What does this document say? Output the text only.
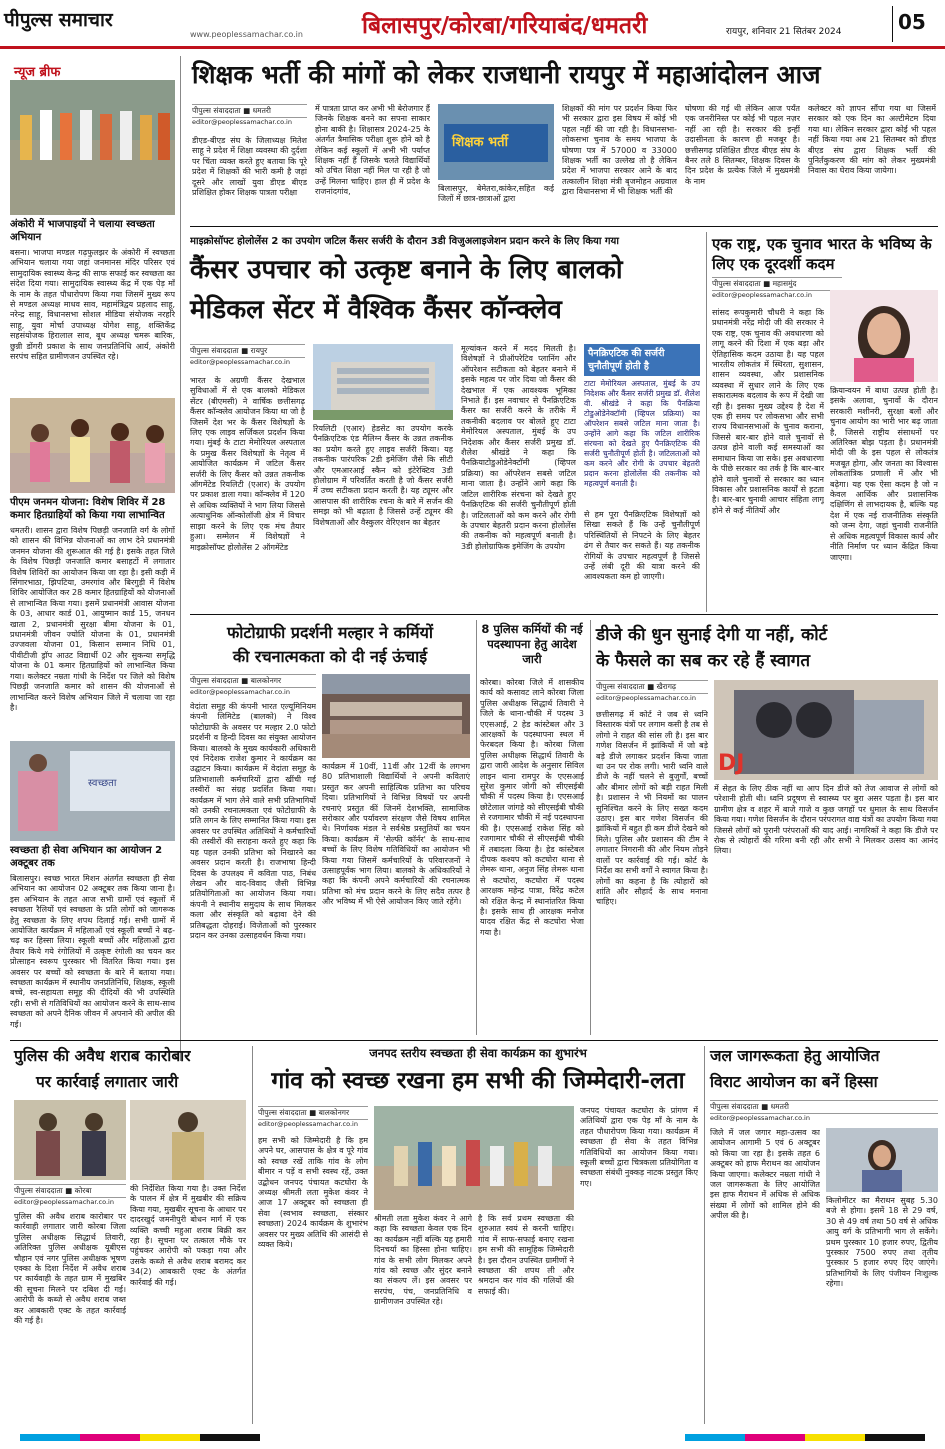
पीपुल्स समाचार
www.peoplessamachar.co.in	बिलासपुर/कोरबा/गरियाबंद/धमतरी	रायपुर, शनिवार 21 सितंबर 2024	05
न्यूज ब्रीफ
अंकोरी में भाजपाइयों ने चलाया स्वच्छता अभियान
बसना। भाजपा मण्डल गढ़फुलझर के अंकोरी में स्वच्छता अभियान चलाया गया जहां जनमानस मंदिर परिसर एवं सामुदायिक स्वास्थ्य केन्द्र की साफ सफाई कर स्वच्छता का संदेश दिया गया। सामुदायिक स्वास्थ्य केंद्र में एक पेड़ माँ के नाम के तहत पौधारोपण किया गया जिसमें मुख्य रूप से मण्डल अध्यक्ष माधव साव, महामंत्रिद्वय प्रहलाद साहू, नरेन्द्र साहू, विधानसभा सोशल मीडिया संयोजक नरहरि साहू, युवा मोर्चा उपाध्यक्ष योगेश साहू, शक्तिकेंद्र सहसंयोजक हिरालाल साव, बूथ अध्यक्ष चमरू बारिक, छुन्नी डोंगरी प्रकाश के साथ जनप्रतिनिधि आर्य, अंकोरी सरपंच सहित ग्रामीणजन उपस्थित रहे।
पीएम जनमन योजना: विशेष शिविर में 28 कमार हितग्राहियों को किया गया लाभान्वित
धमतरी। शासन द्वारा विशेष पिछड़ी जनजाति वर्ग के लोगों को शासन की विभिन्न योजनाओं का लाभ देने प्रधानमंत्री जनमन योजना की शुरूआत की गई है। इसके तहत जिले के विशेष पिछड़ी जनजाति कमार बसाहटों में लगातार विशेष शिविरों का आयोजन किया जा रहा है। इसी कड़ी में सिंगारभाठा, झिपटिया, उमरगांव और बिरगुड़ी में विशेष शिविर आयोजित कर 28 कमार हितग्राहियों को योजनाओं से लाभान्वित किया गया। इसमें प्रधानमंत्री आवास योजना के 03, आधार कार्ड 01, आयुष्मान कार्ड 15, जनधन खाता 2, प्रधानमंत्री सुरक्षा बीमा योजना के 01, प्रधानमंत्री जीवन ज्योति योजना के 01, प्रधानमंत्री उज्जवला योजना 01, किसान सम्मान निधि 01, पीवीटीजी ड्रॉप आउट विद्यार्थी 02 और सुकन्या समृद्धि योजना के 01 कमार हितग्राहियों को लाभान्वित किया गया। कलेक्टर नम्रता गांधी के निर्देश पर जिले को विशेष पिछड़ी जनजाति कमार को शासन की योजनाओं से लाभान्वित करने विशेष अभियान जिले में चलाया जा रहा है।
स्वच्छता
स्वच्छता ही सेवा अभियान का आयोजन 2 अक्टूबर तक
बिलासपुर। स्वच्छ भारत मिशन अंतर्गत स्वच्छता ही सेवा अभियान का आयोजन 02 अक्टूबर तक किया जाना है। इस अभियान के तहत आज सभी ग्रामों एवं स्कूलों में स्वच्छता रैलियों एवं स्वच्छता के प्रति लोगों को जागरूक हेतु स्वच्छता के लिए शपथ दिलाई गई। सभी ग्रामों में आयोजित कार्यक्रम में महिलाओं एवं स्कूली बच्चों ने बढ़-चढ़ कर हिस्सा लिया। स्कूली बच्चों और महिलाओं द्वारा तैयार किये गये रंगोलियों में उत्कृष्ट रंगोली का चयन कर प्रोत्साहन स्वरूप पुरस्कार भी वितरित किया गया। इस अवसर पर बच्चों को स्वच्छता के बारे में बताया गया। स्वच्छता कार्यक्रम में स्थानीय जनप्रतिनिधि, शिक्षक, स्कूली बच्चे, स्व-सहायता समूह की दीदियों की भी उपस्थिति रही। सभी से गतिविधियों का आयोजन करने के साथ-साथ स्वच्छता को अपने दैनिक जीवन में अपनाने की अपील की गई।
शिक्षक भर्ती की मांगों को लेकर राजधानी रायपुर में महाआंदोलन आज
पीपुल्स संवाददाता ■ धमतरी
editor@peoplessamachar.co.in
डीएड-बीएड संघ के जिलाध्यक्ष मितेश साहू ने प्रदेश में शिक्षा व्यवस्था की दुर्दशा पर चिंता व्यक्त करते हुए बताया कि पूरे प्रदेश में शिक्षकों की भारी कमी है जहां दूसरे और लाखों युवा डीएड बीएड प्रशिक्षित होकर शिक्षक पात्रता परीक्षा
में पात्रता प्राप्त कर अभी भी बेरोजगार हैं जिनके शिक्षक बनने का सपना साकार होना बाकी है। शिक्षासत्र 2024-25 के अंतर्गत त्रैमासिक परीक्षा शुरू होने को है लेकिन कई स्कूलों में अभी भी पर्याप्त शिक्षक नहीं हैं जिसके चलते विद्यार्थियों को उचित शिक्षा नहीं मिल पा रही है जो उन्हें मिलना चाहिए। हाल ही में प्रदेश के राजनांदगांव,
शिक्षक भर्ती
बिलासपुर, बेमेतरा,कांकेर,सहित कई जिलों में छात्र-छात्राओं द्वारा
शिक्षकों की मांग पर प्रदर्शन किया फिर भी सरकार द्वारा इस विषय में कोई भी पहल नहीं की जा रही है। विधानसभा-लोकसभा चुनाव के समय भाजपा के घोषणा पत्र में 57000 व 33000 शिक्षक भर्ती का उल्लेख तो है लेकिन प्रदेश में भाजपा सरकार आने के बाद तत्कालीन शिक्षा मंत्री बृजमोहन अग्रवाल द्वारा विधानसभा में भी शिक्षक भर्ती की
घोषणा की गई थी लेकिन आज पर्यंत एक जनरीनिस्त पर कोई भी पहल नज़र नहीं आ रही है। सरकार की इन्हीं उदासीनता के कारण ही मजबूर है। छत्तीसगढ़ प्रशिक्षित डीएड बीएड संघ के बैनर तले 8 सितम्बर, शिक्षक दिवस के दिन प्रदेश के प्रत्येक जिले में मुख्यमंत्री के नाम
कलेक्टर को ज्ञापन सौंपा गया था जिसमें सरकार को एक दिन का अल्टीमेटम दिया गया था। लेकिन सरकार द्वारा कोई भी पहल नहीं किया गया अब 21 सितम्बर को डीएड बीएड संघ द्वारा शिक्षक भर्ती की पुनिर्तकुकरण की मांग को लेकर मुख्यमंत्री निवास का घेराव किया जायेगा।
माइक्रोसॉफ्ट होलोलेंस 2 का उपयोग जटिल कैंसर सर्जरी के दौरान 3डी विजुअलाइजेशन प्रदान करने के लिए किया गया
कैंसर उपचार को उत्कृष्ट बनाने के लिए बालको
मेडिकल सेंटर में वैश्विक कैंसर कॉन्क्लेव
पीपुल्स संवाददाता ■ रायपुर
editor@peoplessamachar.co.in
भारत के अग्रणी कैंसर देखभाल सुविधाओं में से एक बालको मेडिकल सेंटर (बीएमसी) ने वार्षिक छत्तीसगढ़ कैंसर कॉन्क्लेव आयोजन किया था जो है जिसमें देश भर के कैंसर विशेषज्ञों के लिए एक लाइव सर्जिकल प्रदर्शन किया गया। मुंबई के टाटा मेमोरियल अस्पताल के प्रमुख कैंसर विशेषज्ञों के नेतृत्व में आयोजित कार्यक्रम में जटिल कैंसर सर्जरी के लिए कैंसर को उन्नत तकनीक ऑगमेंटेड रियलिटी (एआर) के उपयोग पर प्रकाश डाला गया। कॉन्क्लेव में 120 से अधिक व्यक्तियों ने भाग लिया जिससे अत्याधुनिक ऑन्कोलॉजी क्षेत्र में विचार साझा करने के लिए एक मंच तैयार हुआ। सम्मेलन में विशेषज्ञों ने माइक्रोसॉफ्ट होलोलेंस 2 ऑगमेंटेड
रियलिटी (एआर) हेडसेट का उपयोग करके पैनक्रिएटिक एंड मैलिग्न कैंसर के उन्नत तकनीक का प्रयोग करते हुए लाइव सर्जरी किया। यह तकनीक पारंपरिक 2डी इमेजिंग जैसे कि सीटी और एमआरआई स्कैन को इंटेरेक्टिव 3डी होलोग्राम में परिवर्तित करती है जो कैंसर सर्जरी में उच्च सटीकता प्रदान करती है। यह ट्यूमर और आसपास की शारीरिक रचना के बारे में सर्जन की समझ को भी बढ़ाता है जिससे उन्हें ट्यूमर की विशेषताओं और वैस्कुलर वेरिएशन का बेहतर
मूल्यांकन करने में मदद मिलती है। विशेषज्ञों ने प्रीऑपरेटिव प्लानिंग और ऑपरेशन सटीकता को बेहतर बनाने में इसके महत्व पर जोर दिया जो कैंसर की देखभाल में एक आवश्यक भूमिका निभाते हैं। इस नवाचार से पैनक्रिएटिक कैंसर का सर्जरी करने के तरीके में तकनीकी बदलाव पर बोलते हुए टाटा मेमोरियल अस्पताल, मुंबई के उप निदेशक और कैंसर सर्जरी प्रमुख डॉ. शैलेश श्रीखंडे ने कहा कि पैनक्रियाटोडुओडेनेक्टॉमी (व्हिपल प्रक्रिया) का ऑपरेशन सबसे जटिल माना जाता है। उन्होंने आगे कहा कि जटिल शारीरिक संरचना को देखते हुए पैनक्रिएटिक की सर्जरी चुनौतीपूर्ण होती है। जटिलताओं को कम करने और रोगी के उपचार बेहतरी प्रदान करना होलोलेंस की तकनीक को महत्वपूर्ण बनाती है। 3डी होलोग्राफिक इमेजिंग के उपयोग
पैनक्रिएटिक की सर्जरी चुनौतीपूर्ण होती है
टाटा मेमोरियल अस्पताल, मुंबई के उप निदेशक और कैंसर सर्जरी प्रमुख डॉ. शैलेश वी. श्रीखंडे ने कहा कि पैनक्रिया टोडुओडेनेक्टॉमी (व्हिपल प्रक्रिया) का ऑपरेशन सबसे जटिल माना जाता है। उन्होंने आगे कहा कि जटिल शारीरिक संरचना को देखते हुए पैनक्रिएटिक की सर्जरी चुनौतीपूर्ण होती है। जटिलताओं को कम करने और रोगी के उपचार बेहतरी प्रदान करना होलोलेंस की तकनीक को महत्वपूर्ण बनाती है।
से हम पूरा पैनक्रिएटिक विशेषज्ञों को सिखा सकते हैं कि उन्हें चुनौतीपूर्ण परिस्थितियों से निपटने के लिए बेहतर ढंग से तैयार कर सकते हैं। यह तकनीक रोगियों के उपचार महत्वपूर्ण है जिससे उन्हें लंबी दूरी की यात्रा करने की आवश्यकता कम हो जाएगी।
एक राष्ट्र, एक चुनाव भारत के भविष्य के लिए एक दूरदर्शी कदम
पीपुल्स संवाददाता ■ महासमुंद
editor@peoplessamachar.co.in
सांसद रूपकुमारी चौधरी ने कहा कि प्रधानमंत्री नरेंद्र मोदी जी की सरकार ने एक राष्ट्र, एक चुनाव की अवधारणा को लागू करने की दिशा में एक बड़ा और ऐतिहासिक कदम उठाया है। यह पहल भारतीय लोकतंत्र में स्थिरता, सुशासन, शासन व्यवस्था, और प्रशासनिक व्यवस्था में सुधार लाने के लिए एक सकारात्मक बदलाव के रूप में देखी जा रही है। इसका मुख्य उद्देश्य है देश में एक ही समय पर लोकसभा और सभी राज्य विधानसभाओं के चुनाव कराना, जिससे बार-बार होने वाले चुनावों से उत्पन्न होने वाली कई समस्याओं का समाधान किया जा सके। इस अवधारणा के पीछे सरकार का तर्क है कि बार-बार होने वाले चुनावों से सरकार का ध्यान विकास और प्रशासनिक कार्यों से हटता है। बार-बार चुनावी आचार संहिता लागू होने से कई नीतियों और
क्रियान्वयन में बाधा उत्पन्न होती है। इसके अलावा, चुनावों के दौरान सरकारी मशीनरी, सुरक्षा बलों और चुनाव आयोग का भारी भार बढ़ जाता है, जिससे राष्ट्रीय संसाधनों पर अतिरिक्त बोझ पड़ता है। प्रधानमंत्री मोदी जी के इस पहल से लोकतंत्र मजबूत होगा, और जनता का विश्वास लोकतांत्रिक प्रणाली में और भी बढ़ेगा। यह एक ऐसा कदम है जो न केवल आर्थिक और प्रशासनिक दक्षिणिंग से लाभदायक है, बल्कि यह देश में एक नई राजनीतिक संस्कृति को जन्म देगा, जहां चुनावी राजनीति से अधिक महत्वपूर्ण विकास कार्य और नीति निर्माण पर ध्यान केंद्रित किया जाएगा।
फोटोग्राफी प्रदर्शनी मल्हार ने कर्मियों
की रचनात्मकता को दी नई ऊंचाई
पीपुल्स संवाददाता ■ बालकोनगर
editor@peoplessamachar.co.in
वेदांता समूह की कंपनी भारत एल्यूमिनियम कंपनी लिमिटेड (बालको) ने विश्व फोटोग्राफी के अवसर पर मल्हार 2.0 फोटो प्रदर्शनी व हिन्दी दिवस का संयुक्त आयोजन किया। बालको के मुख्य कार्यकारी अधिकारी एवं निदेशक राजेश कुमार ने कार्यक्रम का उद्घाटन किया। कार्यक्रम में वेदांता समूह के प्रतिभाशाली कर्मचारियों द्वारा खींची गई तस्वीरों का संग्रह प्रदर्शित किया गया। कार्यक्रम में भाग लेने वाले सभी प्रतिभागियों को उनकी रचनात्मकता एवं फोटोग्राफी के प्रति लगन के लिए सम्मानित किया गया। इस अवसर पर उपस्थित अतिथियों ने कर्मचारियों की तस्वीरों की सराहना करते हुए कहा कि यह पहल उनकी प्रतिभा को निखारने का अवसर प्रदान करती है। राजभाषा हिन्दी दिवस के उपलक्ष्य में कविता पाठ, निबंध लेखन और वाद-विवाद जैसी विभिन्न प्रतियोगिताओं का आयोजन किया गया। कंपनी ने स्थानीय समुदाय के साथ मिलकर कला और संस्कृति को बढ़ावा देने की प्रतिबद्धता दोहराई। विजेताओं को पुरस्कार प्रदान कर उनका उत्साहवर्धन किया गया।
कार्यक्रम में 10वीं, 11वीं और 12वीं के लगभग 80 प्रतिभाशाली विद्यार्थियों ने अपनी कविताएं प्रस्तुत कर अपनी साहित्यिक प्रतिभा का परिचय दिया। प्रतिभागियों ने विभिन्न विषयों पर अपनी रचनाएं प्रस्तुत कीं जिनमें देशभक्ति, सामाजिक सरोकार और पर्यावरण संरक्षण जैसे विषय शामिल थे। निर्णायक मंडल ने सर्वश्रेष्ठ प्रस्तुतियों का चयन किया। कार्यक्रम में 'सेल्फी कॉर्नर' के साथ-साथ बच्चों के लिए विशेष गतिविधियों का आयोजन भी किया गया जिसमें कर्मचारियों के परिवारजनों ने उत्साहपूर्वक भाग लिया। बालको के अधिकारियों ने कहा कि कंपनी अपने कर्मचारियों की रचनात्मक प्रतिभा को मंच प्रदान करने के लिए सदैव तत्पर है और भविष्य में भी ऐसे आयोजन किए जाते रहेंगे।
8 पुलिस कर्मियों की नई पदस्थापना हेतु आदेश जारी
कोरबा। कोरबा जिले में शासकीय कार्य को कसावट लाने कोरबा जिला पुलिस अधीक्षक सिद्धार्थ तिवारी ने जिले के थाना-चौकी में पदस्थ 3 एएसआई, 2 हेड कांस्टेबल और 3 आरक्षकों के पदस्थापना स्थल में फेरबदल किया है। कोरबा जिला पुलिस अधीक्षक सिद्धार्थ तिवारी के द्वारा जारी आदेश के अनुसार सिविल लाइन थाना रामपुर के एएसआई सुरेश कुमार जोगी को सीएसईबी चौकी में पदस्थ किया है। एएसआई छोटेलाल जांगड़े को सीएसईबी चौकी से रजगामार चौकी में नई पदस्थापना की है। एएसआई राकेश सिंह को रजगामार चौकी से सीएसईबी चौकी में तबादला किया है। हेड कांस्टेबल दीपक कश्यप को कटघोरा थाना से लेमरू थाना, अनुज सिंह लेमरू थाना से कटघोरा, कटघोरा में पदस्थ आरक्षक महेन्द्र पात्रा, विरेंद्र कटेल को रक्षित केन्द्र में स्थानांतरित किया है। इसके साथ ही आरक्षक मनोज यादव रक्षित केंद्र से कटघोरा भेजा गया है।
डीजे की धुन सुनाई देगी या नहीं, कोर्ट
के फैसले का सब कर रहे हैं स्वागत
पीपुल्स संवाददाता ■ खैरागढ़
editor@peoplessamachar.co.in
छत्तीसगढ़ में कोर्ट ने जब से ध्वनि विस्तारक यंत्रों पर लगाम कसी है तब से लोगो ने राहत की सांस ली है। इस बार गणेश विसर्जन में झांकियों में जो बड़े बड़े डीजे लगाकर प्रदर्शन किया जाता था उन पर रोक लगी। भारी ध्वनि वाले डीजे के नहीं चलने से बुजुर्गों, बच्चों और बीमार लोगों को बड़ी राहत मिली है। प्रशासन ने भी नियमों का पालन सुनिश्चित करने के लिए सख्त कदम उठाए। इस बार गणेश विसर्जन की झांकियों में बहुत ही कम डीजे देखने को मिले। पुलिस और प्रशासन की टीम ने लगातार निगरानी की और नियम तोड़ने वालों पर कार्रवाई की गई। कोर्ट के निर्देश का सभी वर्गों ने स्वागत किया है। लोगों का कहना है कि त्योहारों को शांति और सौहार्द के साथ मनाना चाहिए।
DJ
में सेहत के लिए ठीक नहीं था आप दिन डीजे को तेज आवाज से लोगों को परेशानी होती थी। ध्वनि प्रदूषण से स्वास्थ्य पर बुरा असर पड़ता है। इस बार ग्रामीण क्षेत्र व शहर में बाजे गाजे व कुछ जगहों पर धुमाल के साथ विसर्जन किया गया। गणेश विसर्जन के दौरान परंपरागत वाद्य यंत्रों का उपयोग किया गया जिससे लोगों को पुरानी परंपराओं की याद आई। नागरिकों ने कहा कि डीजे पर रोक से त्योहारों की गरिमा बनी रही और सभी ने मिलकर उत्सव का आनंद लिया।
पुलिस की अवैध शराब कारोबार
पर कार्रवाई लगातार जारी
पीपुल्स संवाददाता ■ कोरबा
editor@peoplessamachar.co.in
पुलिस की अवैध शराब कारोबार पर कार्रवाही लगातार जारी कोरबा जिला पुलिस अधीक्षक सिद्धार्थ तिवारी, अतिरिक्त पुलिस अधीक्षक यूबीएस चौहान एवं नगर पुलिस अधीक्षक भूषण एक्का के दिशा निर्देश में अवैध शराब पर कार्यवाही के तहत ग्राम में मुखबिर की सूचना मिलने पर दबिश दी गई। आरोपी के कब्जे से अवैध शराब जब्त कर आबकारी एक्ट के तहत कार्रवाई की गई है।
की निर्देशित किया गया है। उक्त निर्देश के पालन में क्षेत्र में मुखबीर की सक्रिय किया गया, मुखबीर सूचना के आधार पर दादरखुर्द जमनीपुरी बोधन मार्ग में एक व्यक्ति कच्ची महुआ शराब बिक्री कर रहा है। सूचना पर तत्काल मौके पर पहुंचकर आरोपी को पकड़ा गया और उसके कब्जे से अवैध शराब बरामद कर 34(2) आबकारी एक्ट के अंतर्गत कार्रवाई की गई।
जनपद स्तरीय स्वच्छता ही सेवा कार्यक्रम का शुभारंभ
गांव को स्वच्छ रखना हम सभी की जिम्मेदारी-लता
पीपुल्स संवाददाता ■ बालकोनगर
editor@peoplessamachar.co.in
हम सभी को जिम्मेदारी है कि हम अपने घर, आसपास के क्षेत्र व पूरे गांव को स्वच्छ रखें ताकि गांव के लोग बीमार न पड़ें व सभी स्वस्थ रहें, उक्त उद्बोधन जनपद पंचायत कटघोरा के अध्यक्ष श्रीमती लता मुकेश कंवर ने आज 17 अक्टूबर को स्वच्छता ही सेवा (स्वभाव स्वच्छता, संस्कार स्वच्छता) 2024 कार्यक्रम के शुभारंभ अवसर पर मुख्य अतिथि की आसंदी से व्यक्त किये।
श्रीमती लता मुकेश कंवर ने आगे कहा कि स्वच्छता केवल एक दिन का कार्यक्रम नहीं बल्कि यह हमारी दिनचर्या का हिस्सा होना चाहिए। गांव के सभी लोग मिलकर अपने गांव को स्वच्छ और सुंदर बनाने का संकल्प लें। इस अवसर पर सरपंच, पंच, जनप्रतिनिधि व ग्रामीणजन उपस्थित रहे।
है कि सर्व प्रथम स्वच्छता की शुरुआत स्वयं से करनी चाहिए। गांव में साफ-सफाई बनाए रखना हम सभी की सामूहिक जिम्मेदारी है। इस दौरान उपस्थित ग्रामीणों ने स्वच्छता की शपथ ली और श्रमदान कर गांव की गलियों की सफाई की।
जनपद पंचायत कटघोरा के प्रांगण में अतिथियों द्वारा एक पेड़ माँ के नाम के तहत पौधारोपण किया गया। कार्यक्रम में स्वच्छता ही सेवा के तहत विभिन्न गतिविधियों का आयोजन किया गया। स्कूली बच्चों द्वारा चित्रकला प्रतियोगिता व स्वच्छता संबंधी नुक्कड़ नाटक प्रस्तुत किए गए।
जल जागरूकता हेतु आयोजित
विराट आयोजन का बनें हिस्सा
पीपुल्स संवाददाता ■ धमतरी
editor@peoplessamachar.co.in
जिले में जल जगार महा-उत्सव का आयोजन आगामी 5 एवं 6 अक्टूबर को किया जा रहा है। इसके तहत 6 अक्टूबर को हाफ मैराथन का आयोजन किया जाएगा। कलेक्टर नम्रता गांधी ने जल जागरूकता के लिए आयोजित इस हाफ मैराथन में अधिक से अधिक संख्या में लोगों को शामिल होने की अपील की है।
किलोमीटर का मैराथन सुबह 5.30 बजे से होगा। इसमें 18 से 29 वर्ष, 30 से 49 वर्ष तथा 50 वर्ष से अधिक आयु वर्ग के प्रतिभागी भाग ले सकेंगे। प्रथम पुरस्कार 10 हजार रुपए, द्वितीय पुरस्कार 7500 रुपए तथा तृतीय पुरस्कार 5 हजार रुपए दिए जाएंगे। प्रतिभागियों के लिए पंजीयन निःशुल्क रहेगा।
